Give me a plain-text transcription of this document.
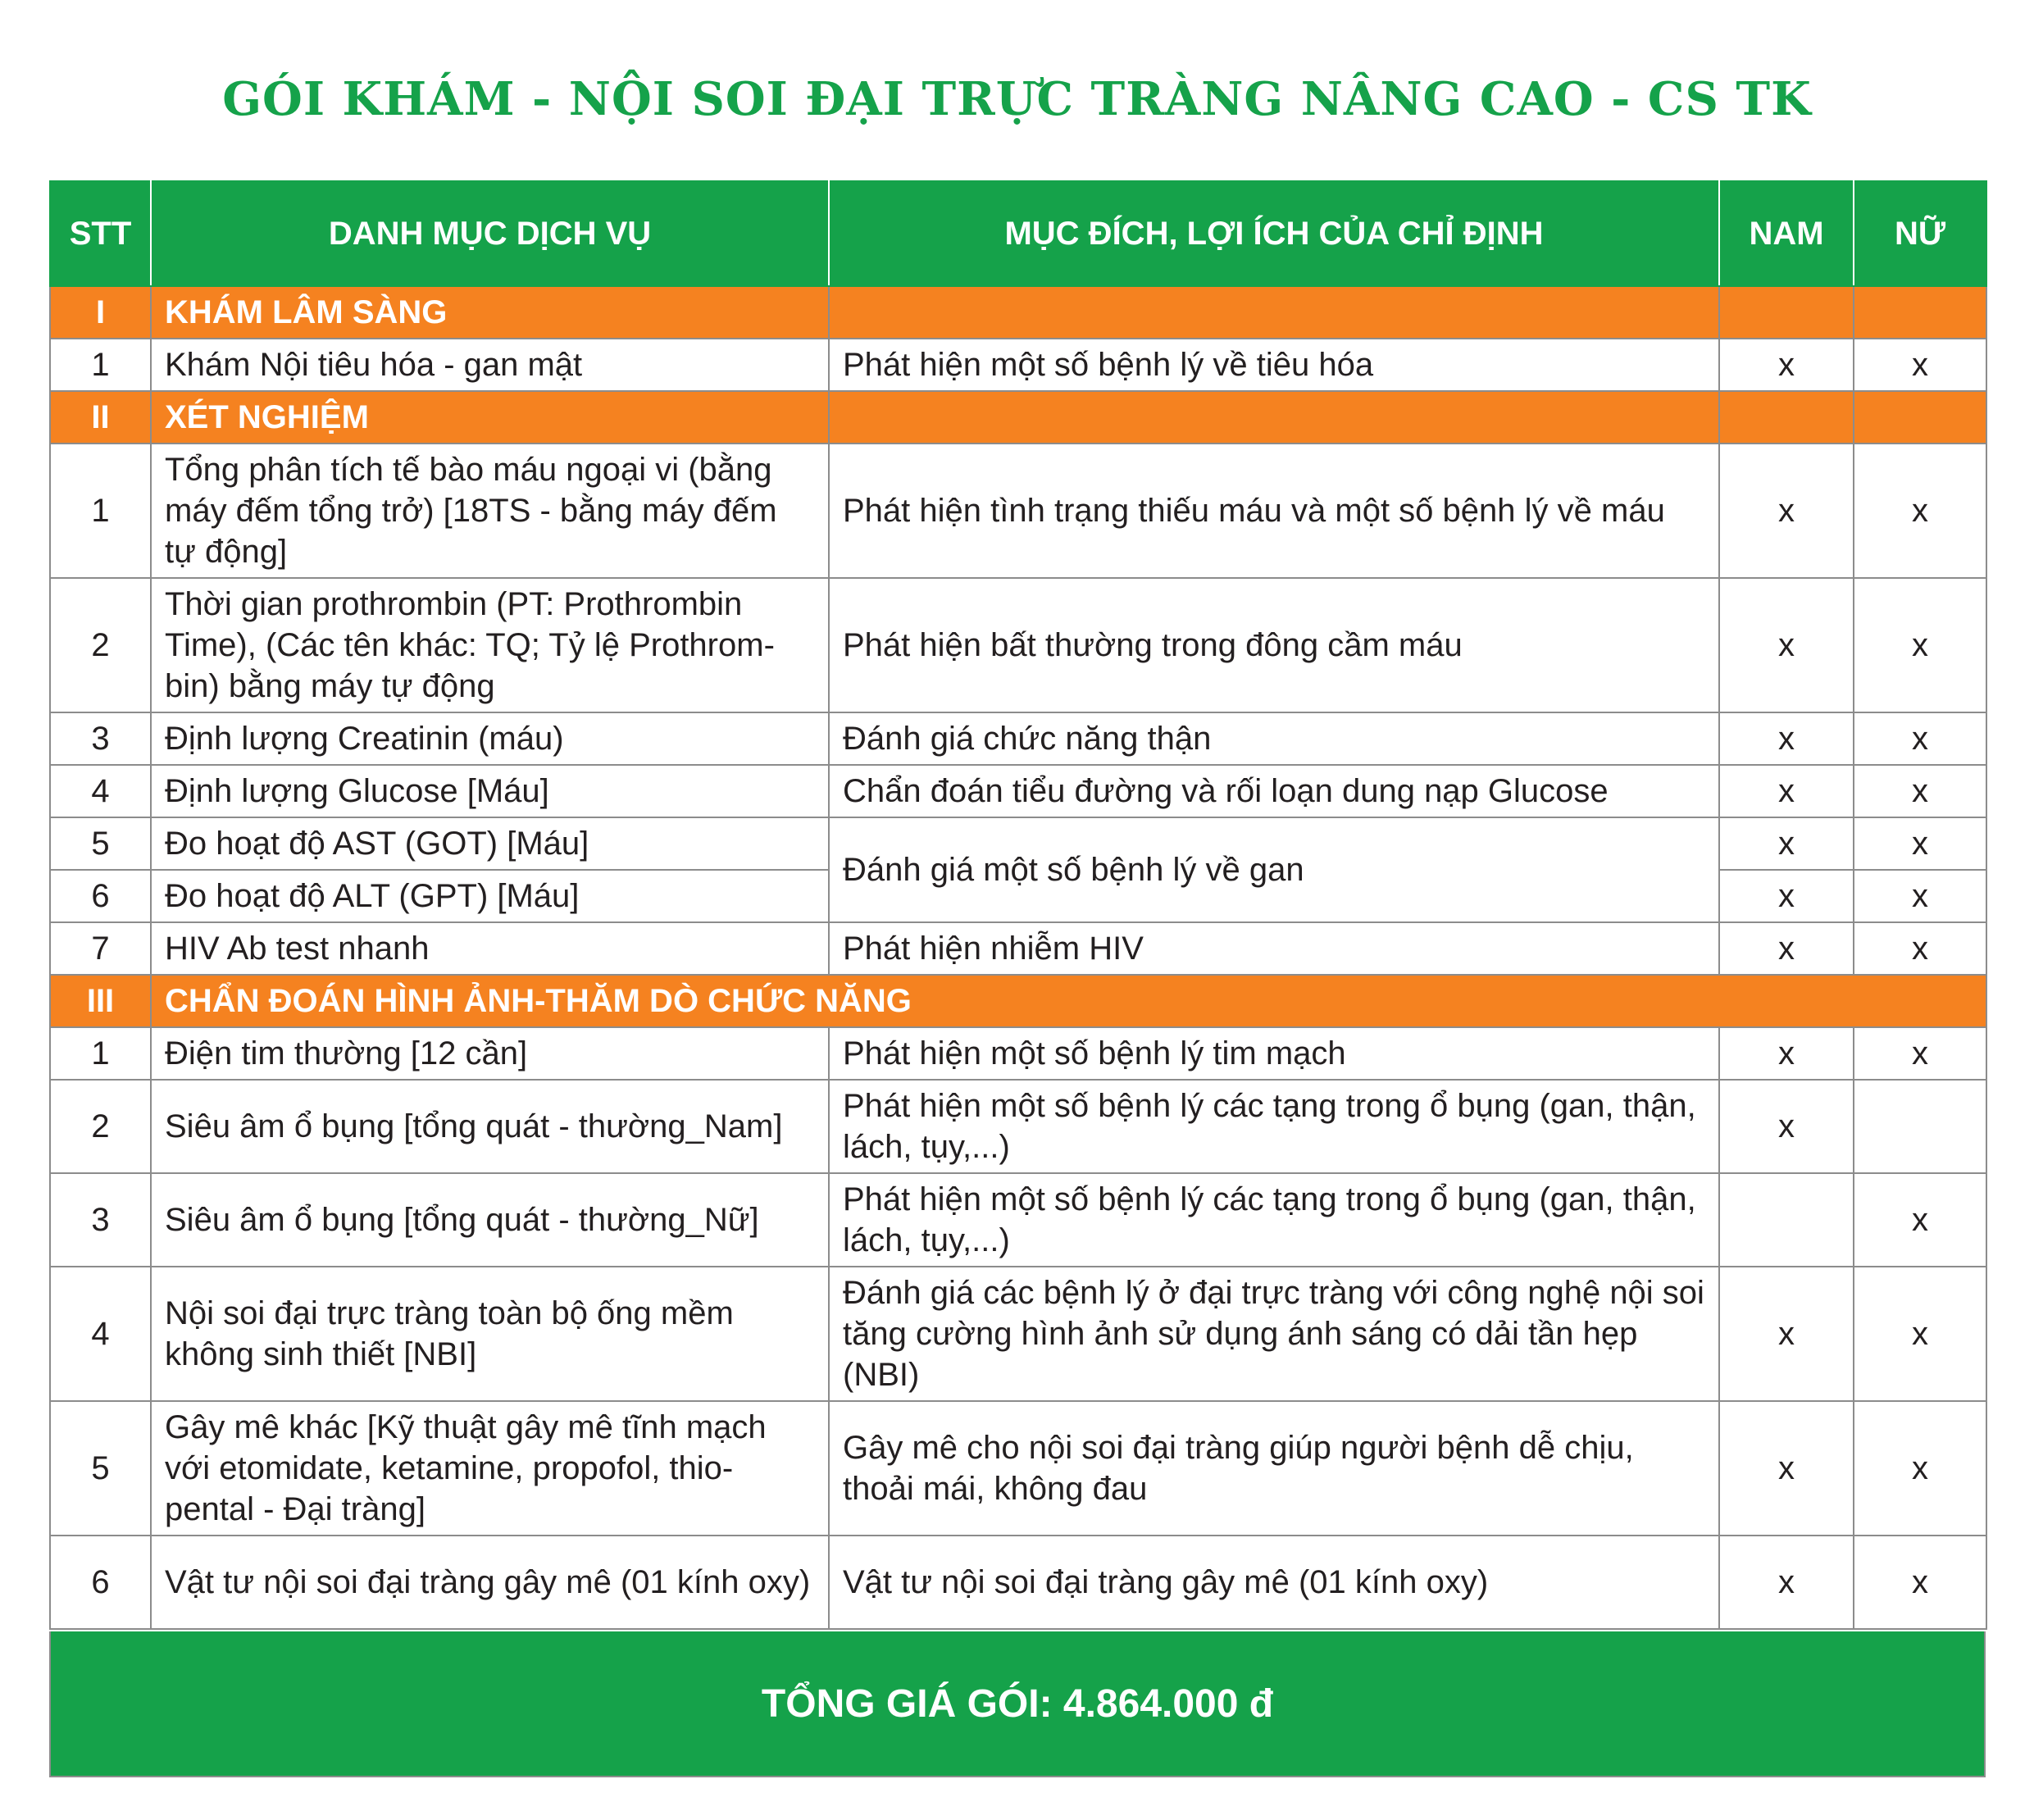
GÓI KHÁM - NỘI SOI ĐẠI TRỰC TRÀNG NÂNG CAO - CS TK
STT	DANH MỤC DỊCH VỤ	MỤC ĐÍCH, LỢI ÍCH CỦA CHỈ ĐỊNH	NAM	NỮ
I	KHÁM LÂM SÀNG			
1	Khám Nội tiêu hóa - gan mật	Phát hiện một số bệnh lý về tiêu hóa	x	x
II	XÉT NGHIỆM			
1	Tổng phân tích tế bào máu ngoại vi (bằng máy đếm tổng trở) [18TS - bằng máy đếm tự động]	Phát hiện tình trạng thiếu máu và một số bệnh lý về máu	x	x
2	Thời gian prothrombin (PT: Prothrombin Time), (Các tên khác: TQ; Tỷ lệ Prothrom- bin) bằng máy tự động	Phát hiện bất thường trong đông cầm máu	x	x
3	Định lượng Creatinin (máu)	Đánh giá chức năng thận	x	x
4	Định lượng Glucose [Máu]	Chẩn đoán tiểu đường và rối loạn dung nạp Glucose	x	x
5	Đo hoạt độ AST (GOT) [Máu]	Đánh giá một số bệnh lý về gan	x	x
6	Đo hoạt độ ALT (GPT) [Máu]		x	x
7	HIV Ab test nhanh	Phát hiện nhiễm HIV	x	x
III	CHẨN ĐOÁN HÌNH ẢNH-THĂM DÒ CHỨC NĂNG			
1	Điện tim thường [12 cần]	Phát hiện một số bệnh lý tim mạch	x	x
2	Siêu âm ổ bụng [tổng quát - thường_Nam]	Phát hiện một số bệnh lý các tạng trong ổ bụng (gan, thận, lách, tụy,...)	x	
3	Siêu âm ổ bụng [tổng quát - thường_Nữ]	Phát hiện một số bệnh lý các tạng trong ổ bụng (gan, thận, lách, tụy,...)		x
4	Nội soi đại trực tràng toàn bộ ống mềm không sinh thiết [NBI]	Đánh giá các bệnh lý ở đại trực tràng với công nghệ nội soi tăng cường hình ảnh sử dụng ánh sáng có dải tần hẹp (NBI)	x	x
5	Gây mê khác [Kỹ thuật gây mê tĩnh mạch với etomidate, ketamine, propofol, thio- pental - Đại tràng]	Gây mê cho nội soi đại tràng giúp người bệnh dễ chịu, thoải mái, không đau	x	x
6	Vật tư nội soi đại tràng gây mê (01 kính oxy)	Vật tư nội soi đại tràng gây mê (01 kính oxy)	x	x
TỔNG GIÁ GÓI: 4.864.000 đ
